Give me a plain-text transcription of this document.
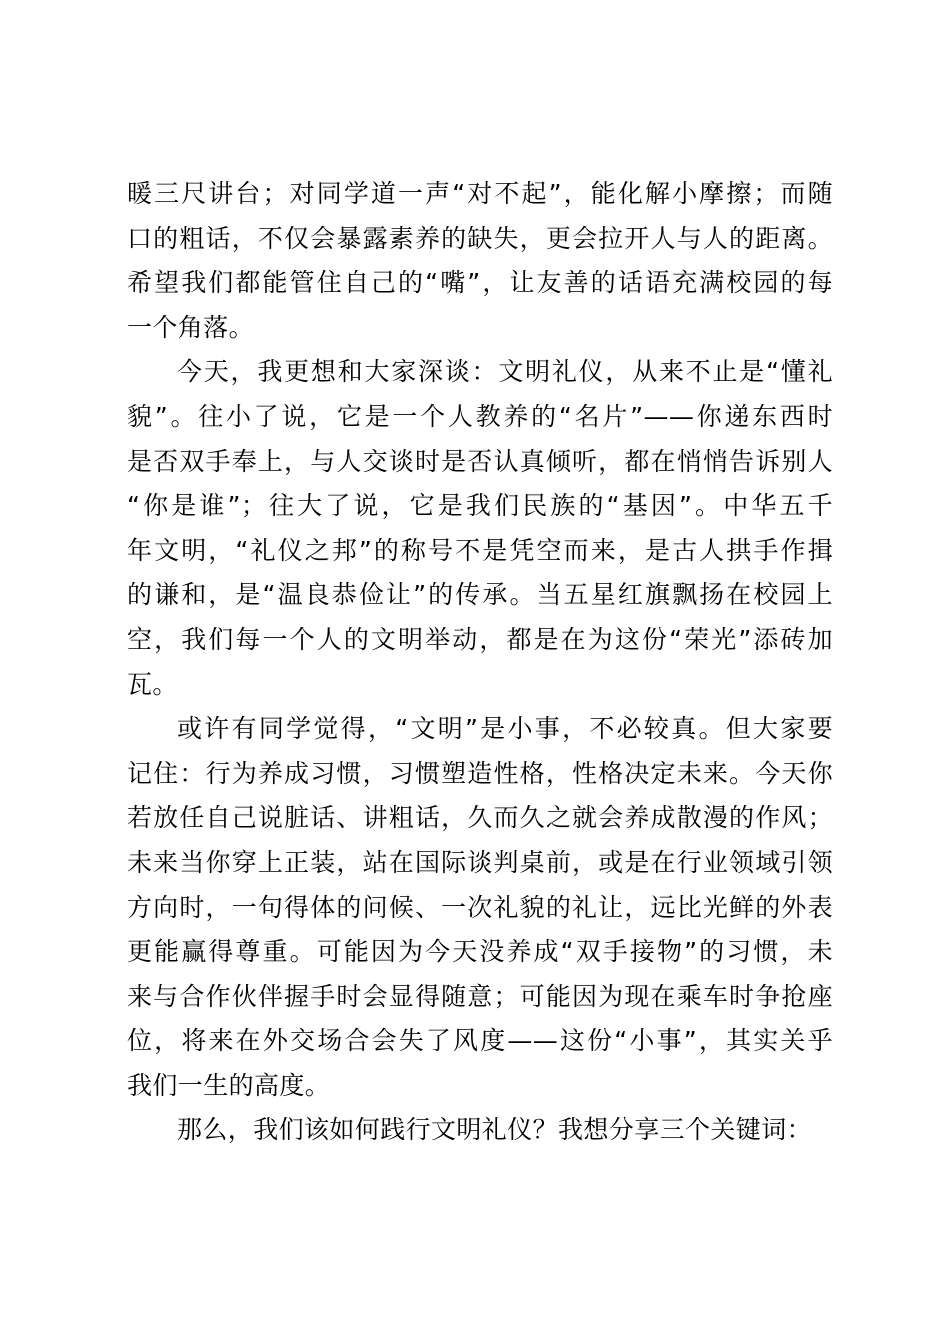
暖三尺讲台；对同学道一声“对不起”，能化解小摩擦；而随
口的粗话，不仅会暴露素养的缺失，更会拉开人与人的距离。
希望我们都能管住自己的“嘴”，让友善的话语充满校园的每
一个角落。
今天，我更想和大家深谈：文明礼仪，从来不止是“懂礼
貌”。往小了说，它是一个人教养的“名片”——你递东西时
是否双手奉上，与人交谈时是否认真倾听，都在悄悄告诉别人
“你是谁”；往大了说，它是我们民族的“基因”。中华五千
年文明，“礼仪之邦”的称号不是凭空而来，是古人拱手作揖
的谦和，是“温良恭俭让”的传承。当五星红旗飘扬在校园上
空，我们每一个人的文明举动，都是在为这份“荣光”添砖加
瓦。
或许有同学觉得，“文明”是小事，不必较真。但大家要
记住：行为养成习惯，习惯塑造性格，性格决定未来。今天你
若放任自己说脏话、讲粗话，久而久之就会养成散漫的作风；
未来当你穿上正装，站在国际谈判桌前，或是在行业领域引领
方向时，一句得体的问候、一次礼貌的礼让，远比光鲜的外表
更能赢得尊重。可能因为今天没养成“双手接物”的习惯，未
来与合作伙伴握手时会显得随意；可能因为现在乘车时争抢座
位，将来在外交场合会失了风度——这份“小事”，其实关乎
我们一生的高度。
那么，我们该如何践行文明礼仪？我想分享三个关键词：
